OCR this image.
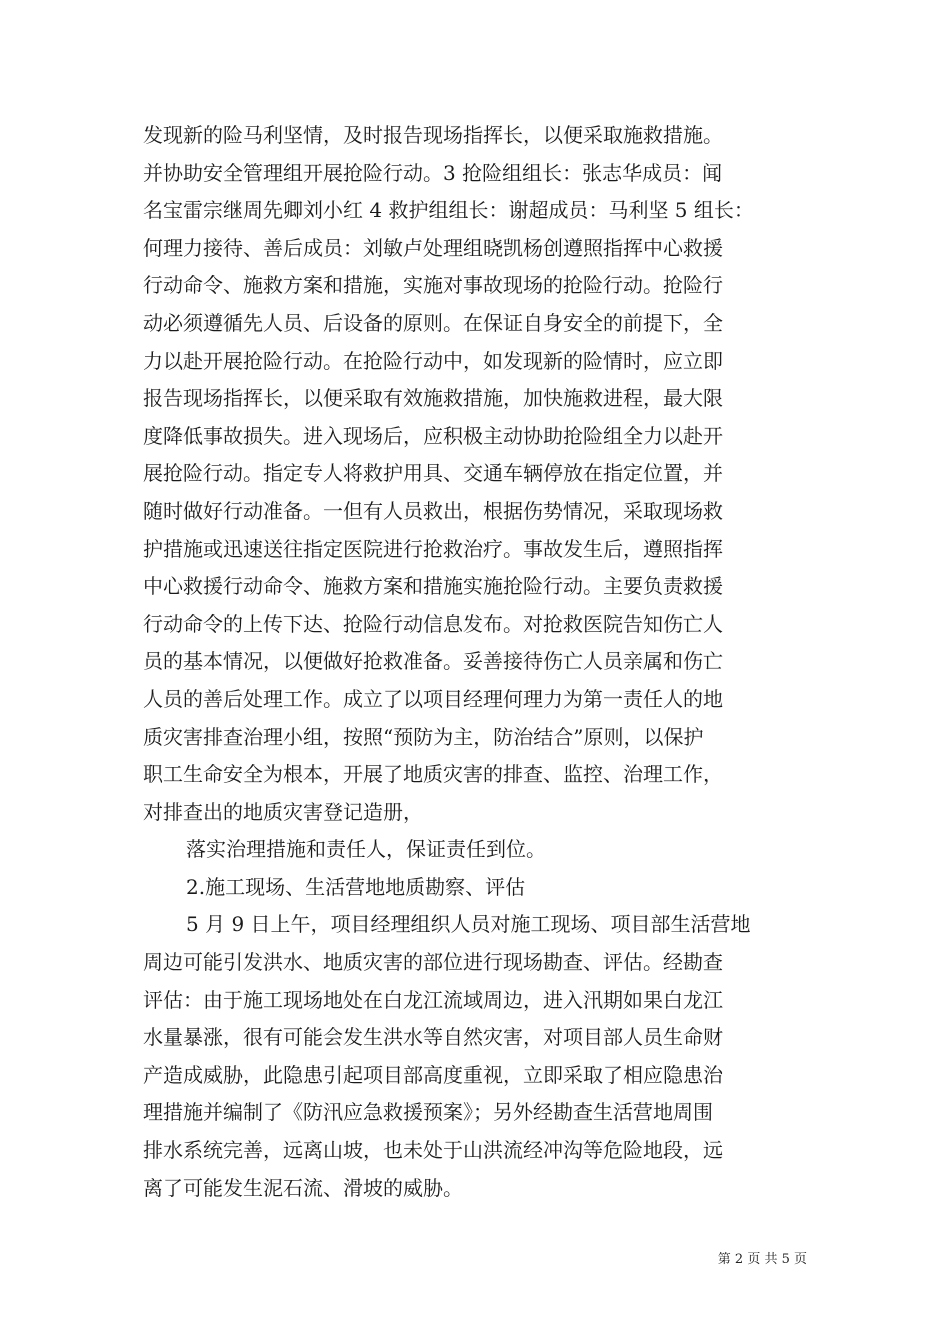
发现新的险马利坚情，及时报告现场指挥长，以便采取施救措施。
并协助安全管理组开展抢险行动。3 抢险组组长：张志华成员：闻
名宝雷宗继周先卿刘小红 4 救护组组长：谢超成员：马利坚 5 组长：
何理力接待、善后成员：刘敏卢处理组晓凯杨创遵照指挥中心救援
行动命令、施救方案和措施，实施对事故现场的抢险行动。抢险行
动必须遵循先人员、后设备的原则。在保证自身安全的前提下，全
力以赴开展抢险行动。在抢险行动中，如发现新的险情时，应立即
报告现场指挥长，以便采取有效施救措施，加快施救进程，最大限
度降低事故损失。进入现场后，应积极主动协助抢险组全力以赴开
展抢险行动。指定专人将救护用具、交通车辆停放在指定位置，并
随时做好行动准备。一但有人员救出，根据伤势情况，采取现场救
护措施或迅速送往指定医院进行抢救治疗。事故发生后，遵照指挥
中心救援行动命令、施救方案和措施实施抢险行动。主要负责救援
行动命令的上传下达、抢险行动信息发布。对抢救医院告知伤亡人
员的基本情况，以便做好抢救准备。妥善接待伤亡人员亲属和伤亡
人员的善后处理工作。成立了以项目经理何理力为第一责任人的地
质灾害排查治理小组，按照“预防为主，防治结合”原则，以保护
职工生命安全为根本，开展了地质灾害的排查、监控、治理工作，
对排查出的地质灾害登记造册，
落实治理措施和责任人，保证责任到位。
2.施工现场、生活营地地质勘察、评估
5 月 9 日上午，项目经理组织人员对施工现场、项目部生活营地
周边可能引发洪水、地质灾害的部位进行现场勘查、评估。经勘查
评估：由于施工现场地处在白龙江流域周边，进入汛期如果白龙江
水量暴涨，很有可能会发生洪水等自然灾害，对项目部人员生命财
产造成威胁，此隐患引起项目部高度重视，立即采取了相应隐患治
理措施并编制了《防汛应急救援预案》；另外经勘查生活营地周围
排水系统完善，远离山坡，也未处于山洪流经冲沟等危险地段，远
离了可能发生泥石流、滑坡的威胁。
第 2 页 共 5 页
